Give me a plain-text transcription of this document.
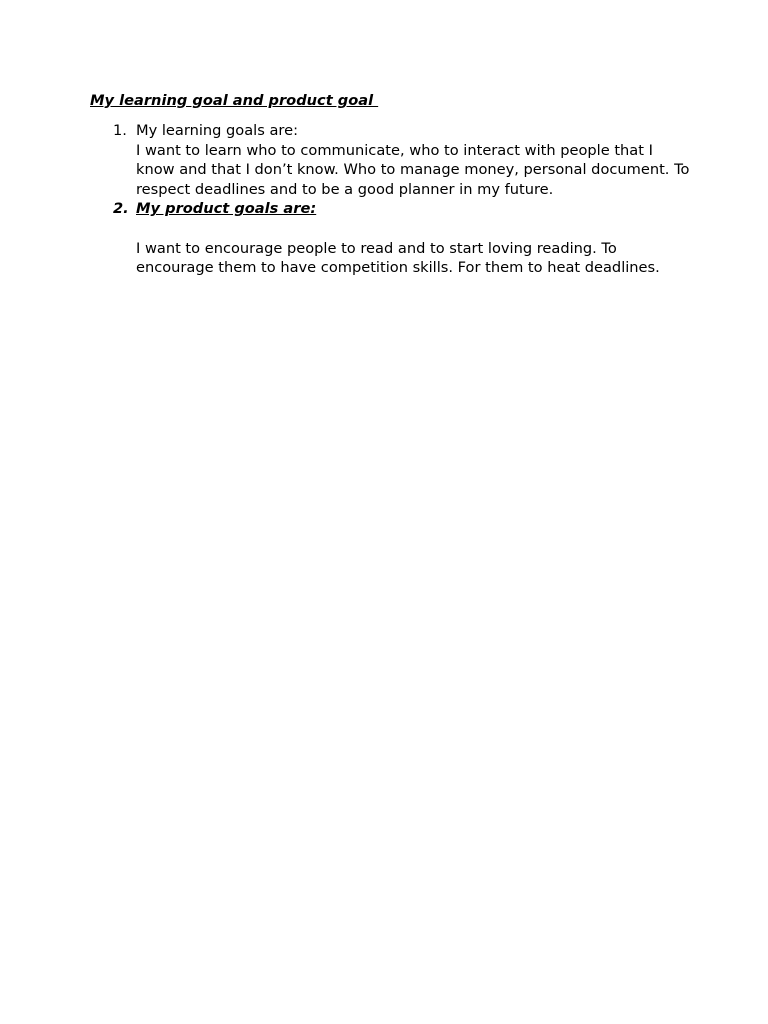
My learning goal and product goal

1. My learning goals are:
I want to learn who to communicate, who to interact with people that I know and that I don’t know. Who to manage money, personal document. To respect deadlines and to be a good planner in my future.
2. My product goals are:
I want to encourage people to read and to start loving reading. To encourage them to have competition skills. For them to heat deadlines.
